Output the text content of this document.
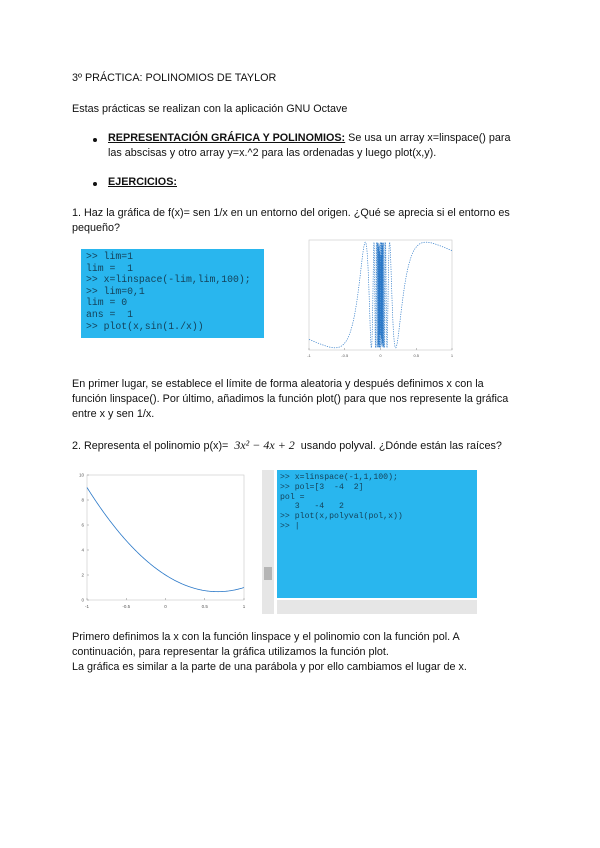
3º PRÁCTICA: POLINOMIOS DE TAYLOR
Estas prácticas se realizan con la aplicación GNU Octave
REPRESENTACIÓN GRÁFICA Y POLINOMIOS: Se usa un array x=linspace() para
las abscisas y otro array y=x.^2 para las ordenadas y luego plot(x,y).
EJERCICIOS:
1. Haz la gráfica de f(x)= sen 1/x en un entorno del origen. ¿Qué se aprecia si el entorno es
pequeño?
>> lim=1
lim =  1
>> x=linspace(-lim,lim,100);
>> lim=0,1
lim = 0
ans =  1
>> plot(x,sin(1./x))
-1	-0.5	0	0.5	1
En primer lugar, se establece el límite de forma aleatoria y después definimos x con la
función linspace(). Por último, añadimos la función plot() para que nos represente la gráfica
entre x y sen 1/x.
2. Representa el polinomio p(x)= 3x² − 4x + 2 usando polyval. ¿Dónde están las raíces?
-1	-0.5	0	0.5	1
10
8
6
4
2
0
>> x=linspace(-1,1,100);
>> pol=[3  -4  2]
pol =
3   -4   2
>> plot(x,polyval(pol,x))
>> |
Primero definimos la x con la función linspace y el polinomio con la función pol. A
continuación, para representar la gráfica utilizamos la función plot.
La gráfica es similar a la parte de una parábola y por ello cambiamos el lugar de x.
